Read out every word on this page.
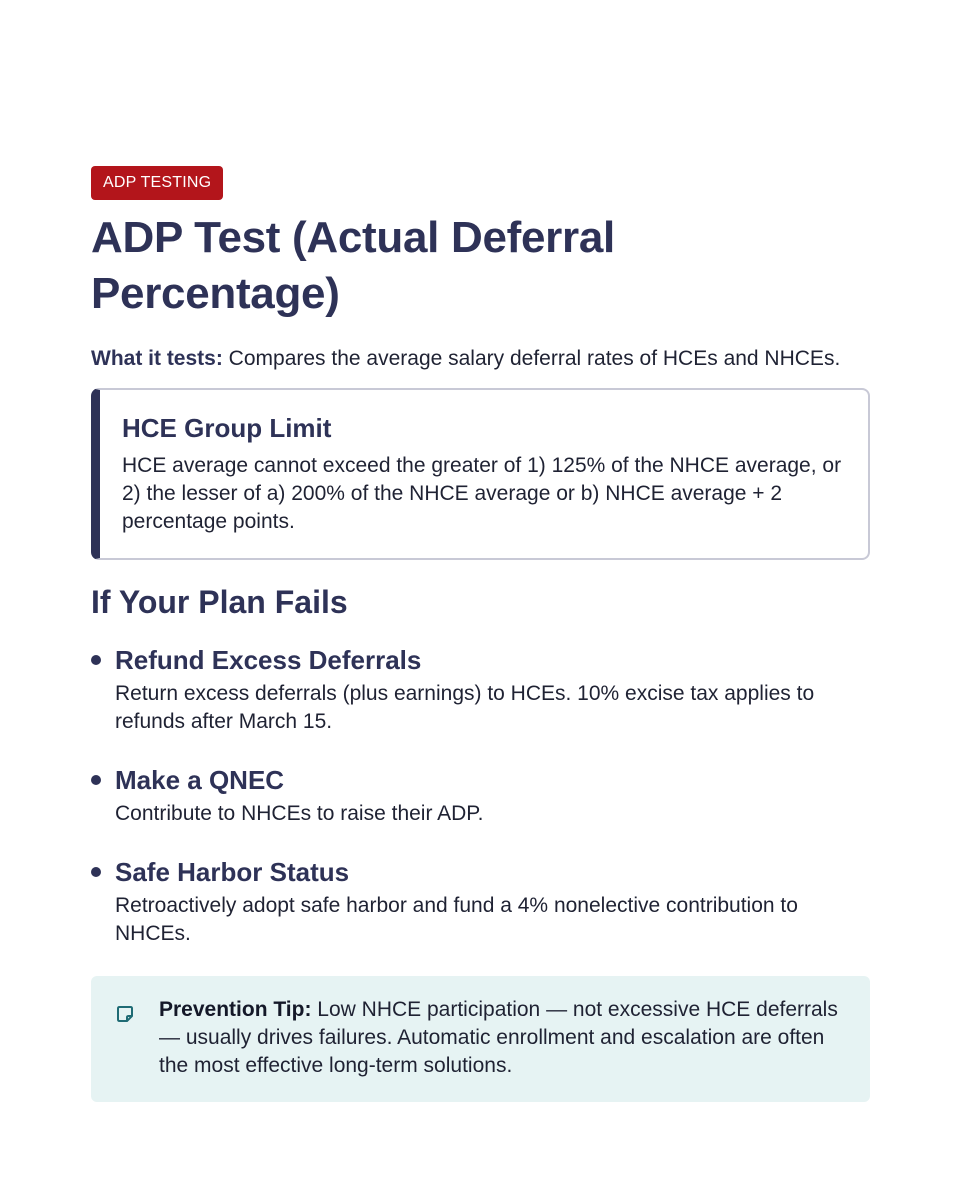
ADP TESTING
ADP Test (Actual Deferral Percentage)

What it tests: Compares the average salary deferral rates of HCEs and NHCEs.

HCE Group Limit

HCE average cannot exceed the greater of 1) 125% of the NHCE average, or 2) the lesser of a) 200% of the NHCE average or b) NHCE average + 2 percentage points.

If Your Plan Fails
Refund Excess Deferrals

Return excess deferrals (plus earnings) to HCEs. 10% excise tax applies to refunds after March 15.

Make a QNEC

Contribute to NHCEs to raise their ADP.

Safe Harbor Status

Retroactively adopt safe harbor and fund a 4% nonelective contribution to NHCEs.

Prevention Tip: Low NHCE participation — not excessive HCE deferrals — usually drives failures. Automatic enrollment and escalation are often the most effective long-term solutions.
